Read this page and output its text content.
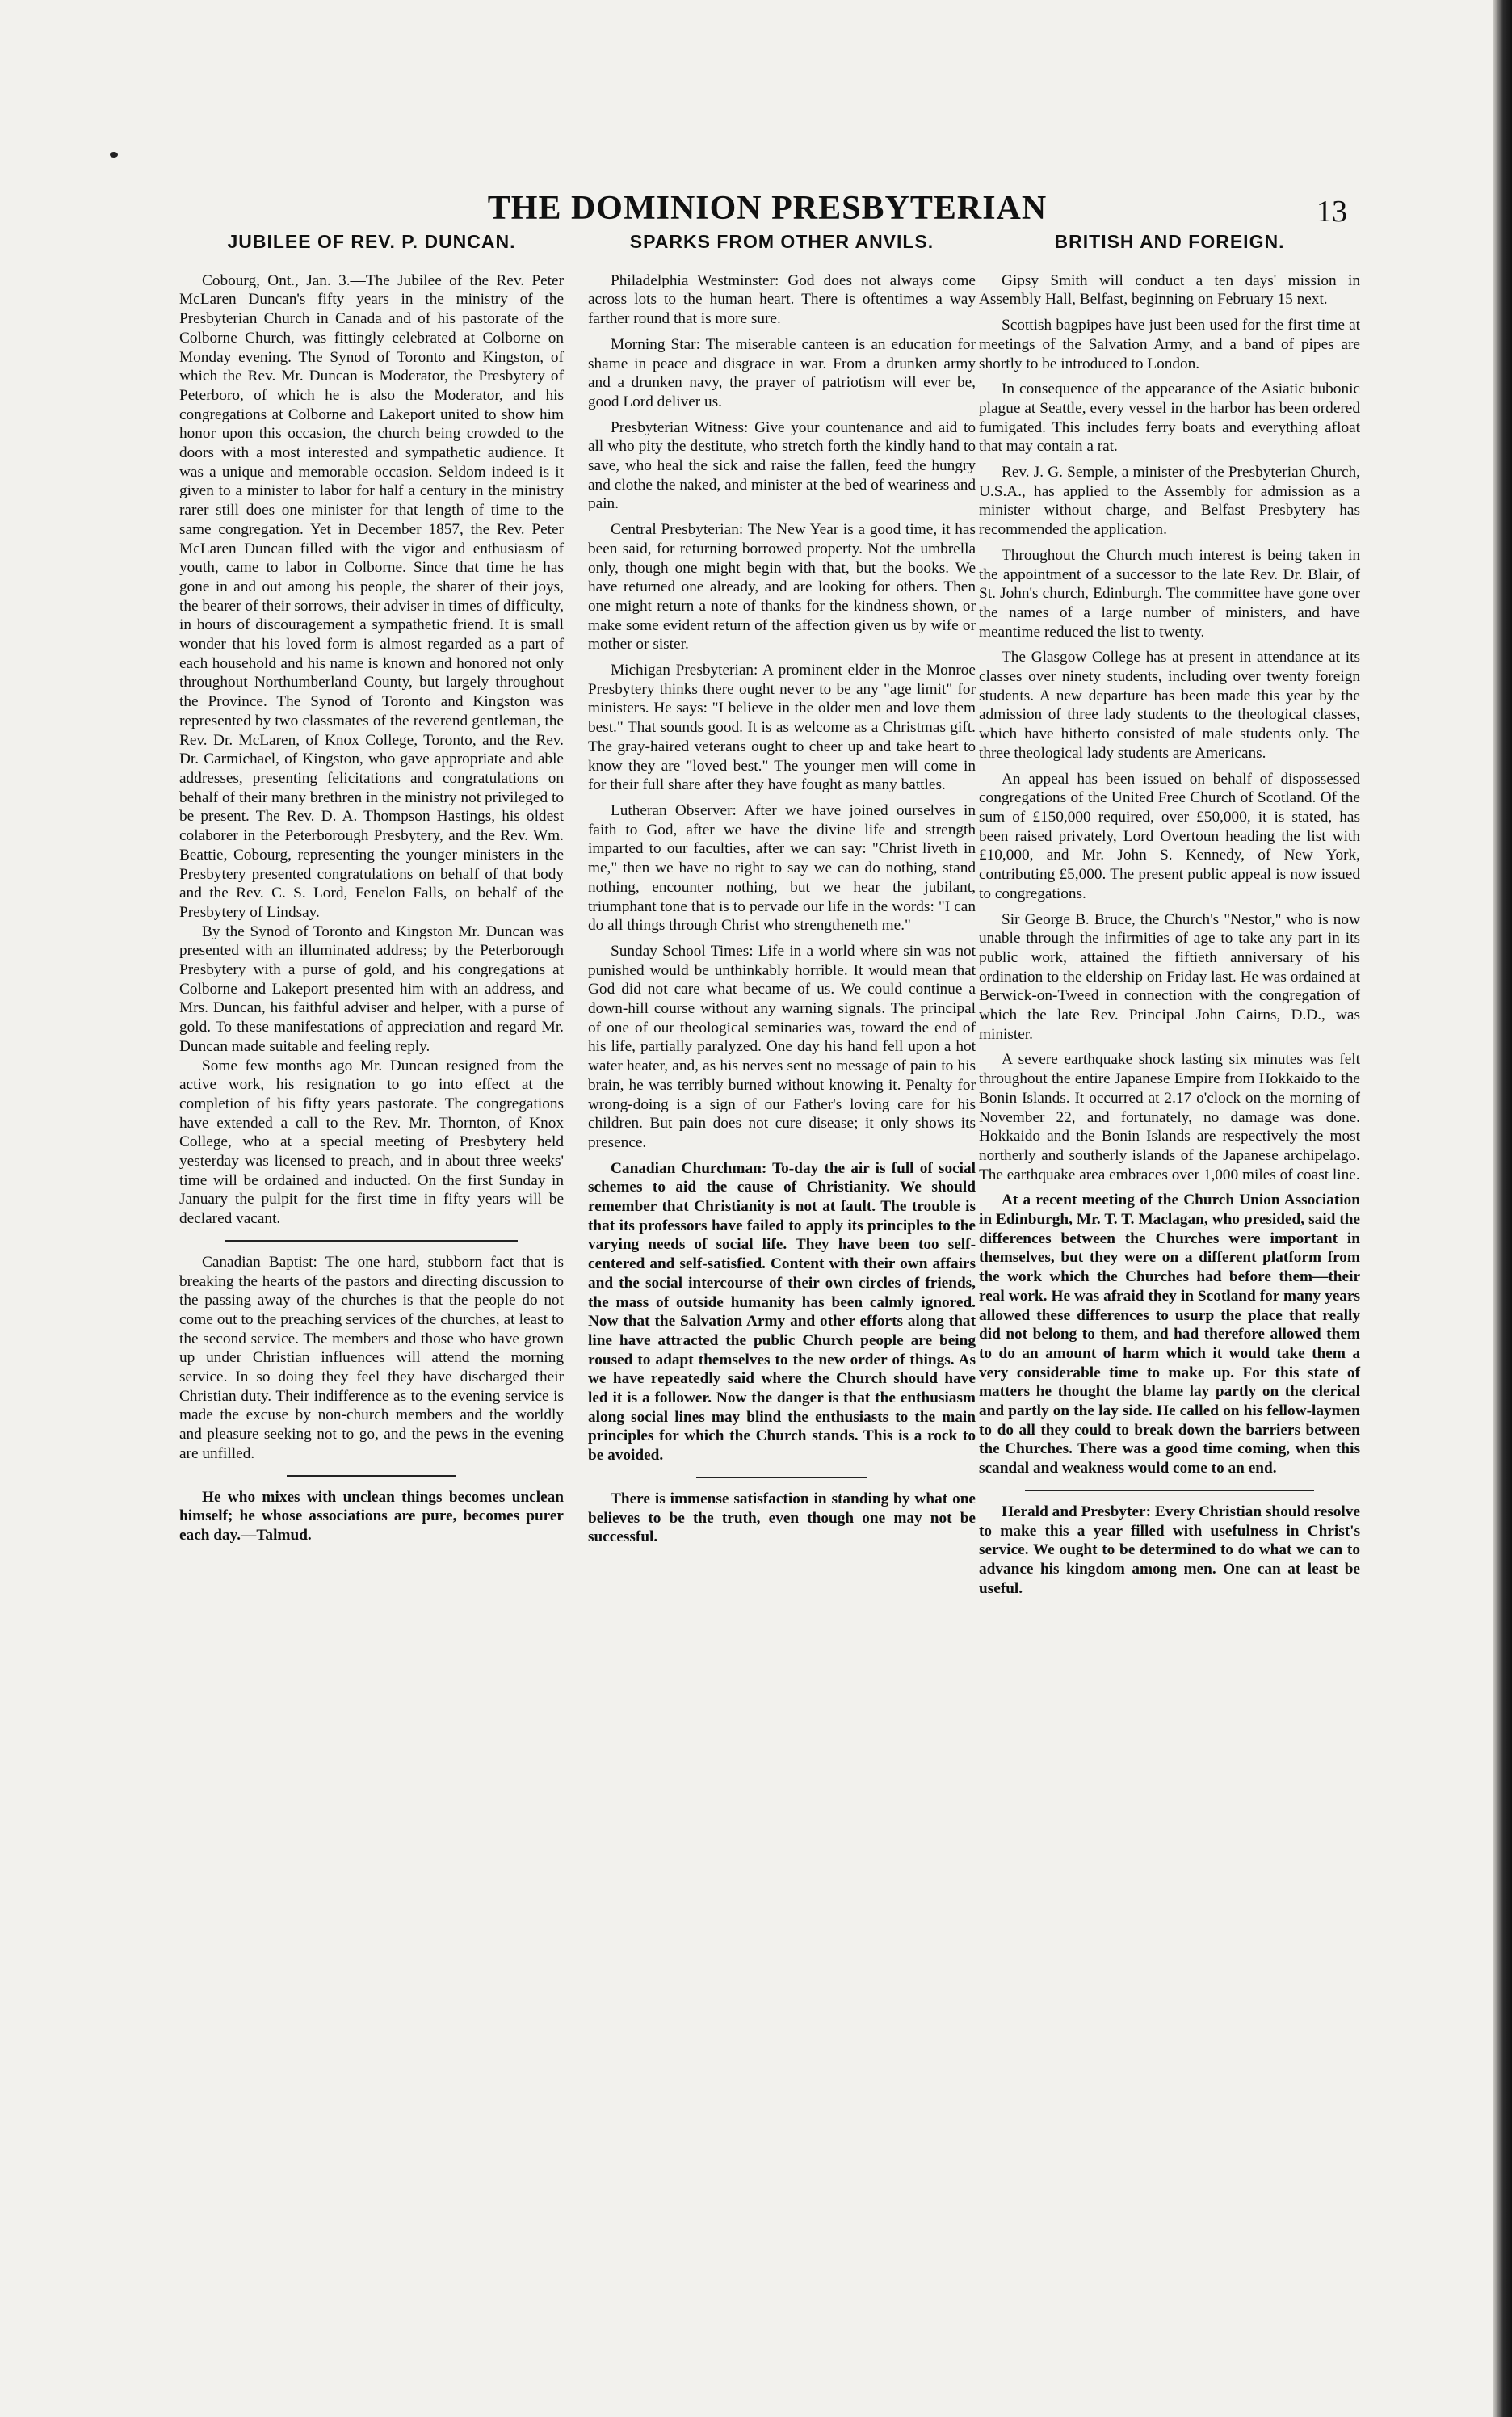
THE DOMINION PRESBYTERIAN	13
JUBILEE OF REV. P. DUNCAN.

Cobourg, Ont., Jan. 3.—The Jubilee of the Rev. Peter McLaren Duncan's fifty years in the ministry of the Presbyterian Church in Canada and of his pastorate of the Colborne Church, was fittingly celebrated at Colborne on Monday evening. The Synod of Toronto and Kingston, of which the Rev. Mr. Duncan is Moderator, the Presbytery of Peterboro, of which he is also the Moderator, and his congregations at Colborne and Lakeport united to show him honor upon this occasion, the church being crowded to the doors with a most interested and sympathetic audience. It was a unique and memorable occasion. Seldom indeed is it given to a minister to labor for half a century in the ministry rarer still does one minister for that length of time to the same congregation. Yet in December 1857, the Rev. Peter McLaren Duncan filled with the vigor and enthusiasm of youth, came to labor in Colborne. Since that time he has gone in and out among his people, the sharer of their joys, the bearer of their sorrows, their adviser in times of difficulty, in hours of discouragement a sympathetic friend. It is small wonder that his loved form is almost regarded as a part of each household and his name is known and honored not only throughout Northumberland County, but largely throughout the Province. The Synod of Toronto and Kingston was represented by two classmates of the reverend gentleman, the Rev. Dr. McLaren, of Knox College, Toronto, and the Rev. Dr. Carmichael, of Kingston, who gave appropriate and able addresses, presenting felicitations and congratulations on behalf of their many brethren in the ministry not privileged to be present. The Rev. D. A. Thompson Hastings, his oldest colaborer in the Peterborough Presbytery, and the Rev. Wm. Beattie, Cobourg, representing the younger ministers in the Presbytery presented congratulations on behalf of that body and the Rev. C. S. Lord, Fenelon Falls, on behalf of the Presbytery of Lindsay.

By the Synod of Toronto and Kingston Mr. Duncan was presented with an illuminated address; by the Peterborough Presbytery with a purse of gold, and his congregations at Colborne and Lakeport presented him with an address, and Mrs. Duncan, his faithful adviser and helper, with a purse of gold. To these manifestations of appreciation and regard Mr. Duncan made suitable and feeling reply.

Some few months ago Mr. Duncan resigned from the active work, his resignation to go into effect at the completion of his fifty years pastorate. The congregations have extended a call to the Rev. Mr. Thornton, of Knox College, who at a special meeting of Presbytery held yesterday was licensed to preach, and in about three weeks' time will be ordained and inducted. On the first Sunday in January the pulpit for the first time in fifty years will be declared vacant.

Canadian Baptist: The one hard, stubborn fact that is breaking the hearts of the pastors and directing discussion to the passing away of the churches is that the people do not come out to the preaching services of the churches, at least to the second service. The members and those who have grown up under Christian influences will attend the morning service. In so doing they feel they have discharged their Christian duty. Their indifference as to the evening service is made the excuse by non-church members and the worldly and pleasure seeking not to go, and the pews in the evening are unfilled.

He who mixes with unclean things becomes unclean himself; he whose associations are pure, becomes purer each day.—Talmud.

SPARKS FROM OTHER ANVILS.

Philadelphia Westminster: God does not always come across lots to the human heart. There is oftentimes a way farther round that is more sure.

Morning Star: The miserable canteen is an education for shame in peace and disgrace in war. From a drunken army and a drunken navy, the prayer of patriotism will ever be, good Lord deliver us.

Presbyterian Witness: Give your countenance and aid to all who pity the destitute, who stretch forth the kindly hand to save, who heal the sick and raise the fallen, feed the hungry and clothe the naked, and minister at the bed of weariness and pain.

Central Presbyterian: The New Year is a good time, it has been said, for returning borrowed property. Not the umbrella only, though one might begin with that, but the books. We have returned one already, and are looking for others. Then one might return a note of thanks for the kindness shown, or make some evident return of the affection given us by wife or mother or sister.

Michigan Presbyterian: A prominent elder in the Monroe Presbytery thinks there ought never to be any "age limit" for ministers. He says: "I believe in the older men and love them best." That sounds good. It is as welcome as a Christmas gift. The gray-haired veterans ought to cheer up and take heart to know they are "loved best." The younger men will come in for their full share after they have fought as many battles.

Lutheran Observer: After we have joined ourselves in faith to God, after we have the divine life and strength imparted to our faculties, after we can say: "Christ liveth in me," then we have no right to say we can do nothing, stand nothing, encounter nothing, but we hear the jubilant, triumphant tone that is to pervade our life in the words: "I can do all things through Christ who strengtheneth me."

Sunday School Times: Life in a world where sin was not punished would be unthinkably horrible. It would mean that God did not care what became of us. We could continue a down-hill course without any warning signals. The principal of one of our theological seminaries was, toward the end of his life, partially paralyzed. One day his hand fell upon a hot water heater, and, as his nerves sent no message of pain to his brain, he was terribly burned without knowing it. Penalty for wrong-doing is a sign of our Father's loving care for his children. But pain does not cure disease; it only shows its presence.

Canadian Churchman: To-day the air is full of social schemes to aid the cause of Christianity. We should remember that Christianity is not at fault. The trouble is that its professors have failed to apply its principles to the varying needs of social life. They have been too self-centered and self-satisfied. Content with their own affairs and the social intercourse of their own circles of friends, the mass of outside humanity has been calmly ignored. Now that the Salvation Army and other efforts along that line have attracted the public Church people are being roused to adapt themselves to the new order of things. As we have repeatedly said where the Church should have led it is a follower. Now the danger is that the enthusiasm along social lines may blind the enthusiasts to the main principles for which the Church stands. This is a rock to be avoided.

There is immense satisfaction in standing by what one believes to be the truth, even though one may not be successful.

BRITISH AND FOREIGN.

Gipsy Smith will conduct a ten days' mission in Assembly Hall, Belfast, beginning on February 15 next.

Scottish bagpipes have just been used for the first time at meetings of the Salvation Army, and a band of pipes are shortly to be introduced to London.

In consequence of the appearance of the Asiatic bubonic plague at Seattle, every vessel in the harbor has been ordered fumigated. This includes ferry boats and everything afloat that may contain a rat.

Rev. J. G. Semple, a minister of the Presbyterian Church, U.S.A., has applied to the Assembly for admission as a minister without charge, and Belfast Presbytery has recommended the application.

Throughout the Church much interest is being taken in the appointment of a successor to the late Rev. Dr. Blair, of St. John's church, Edinburgh. The committee have gone over the names of a large number of ministers, and have meantime reduced the list to twenty.

The Glasgow College has at present in attendance at its classes over ninety students, including over twenty foreign students. A new departure has been made this year by the admission of three lady students to the theological classes, which have hitherto consisted of male students only. The three theological lady students are Americans.

An appeal has been issued on behalf of dispossessed congregations of the United Free Church of Scotland. Of the sum of £150,000 required, over £50,000, it is stated, has been raised privately, Lord Overtoun heading the list with £10,000, and Mr. John S. Kennedy, of New York, contributing £5,000. The present public appeal is now issued to congregations.

Sir George B. Bruce, the Church's "Nestor," who is now unable through the infirmities of age to take any part in its public work, attained the fiftieth anniversary of his ordination to the eldership on Friday last. He was ordained at Berwick-on-Tweed in connection with the congregation of which the late Rev. Principal John Cairns, D.D., was minister.

A severe earthquake shock lasting six minutes was felt throughout the entire Japanese Empire from Hokkaido to the Bonin Islands. It occurred at 2.17 o'clock on the morning of November 22, and fortunately, no damage was done. Hokkaido and the Bonin Islands are respectively the most northerly and southerly islands of the Japanese archipelago. The earthquake area embraces over 1,000 miles of coast line.

At a recent meeting of the Church Union Association in Edinburgh, Mr. T. T. Maclagan, who presided, said the differences between the Churches were important in themselves, but they were on a different platform from the work which the Churches had before them—their real work. He was afraid they in Scotland for many years allowed these differences to usurp the place that really did not belong to them, and had therefore allowed them to do an amount of harm which it would take them a very considerable time to make up. For this state of matters he thought the blame lay partly on the clerical and partly on the lay side. He called on his fellow-laymen to do all they could to break down the barriers between the Churches. There was a good time coming, when this scandal and weakness would come to an end.

Herald and Presbyter: Every Christian should resolve to make this a year filled with usefulness in Christ's service. We ought to be determined to do what we can to advance his kingdom among men. One can at least be useful.
